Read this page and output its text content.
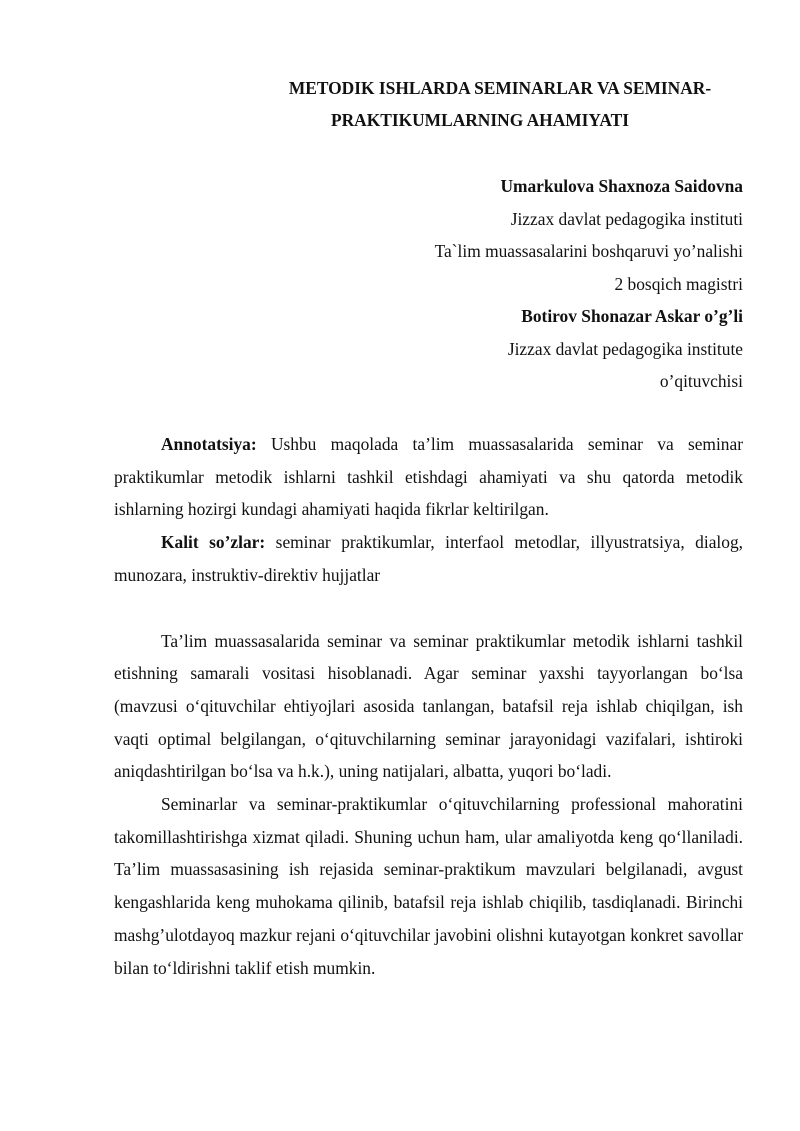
METODIK ISHLARDA SEMINARLAR VA SEMINAR-
PRAKTIKUMLARNING AHAMIYATI
Umarkulova Shaxnoza Saidovna
Jizzax davlat pedagogika instituti
Ta`lim muassasalarini boshqaruvi yo’nalishi
2 bosqich magistri
Botirov Shonazar Askar o’g’li
Jizzax davlat pedagogika institute
o’qituvchisi

Annotatsiya: Ushbu maqolada ta’lim muassasalarida seminar va seminar praktikumlar metodik ishlarni tashkil etishdagi ahamiyati va shu qatorda metodik ishlarning hozirgi kundagi ahamiyati haqida fikrlar keltirilgan.

Kalit so’zlar: seminar praktikumlar, interfaol metodlar, illyustratsiya, dialog, munozara, instruktiv-direktiv hujjatlar

Ta’lim muassasalarida seminar va seminar praktikumlar metodik ishlarni tashkil etishning samarali vositasi hisoblanadi. Agar seminar yaxshi tayyorlangan bo‘lsa (mavzusi o‘qituvchilar ehtiyojlari asosida tanlangan, batafsil reja ishlab chiqilgan, ish vaqti optimal belgilangan, o‘qituvchilarning seminar jarayonidagi vazifalari, ishtiroki aniqdashtirilgan bo‘lsa va h.k.), uning natijalari, albatta, yuqori bo‘ladi.

Seminarlar va seminar-praktikumlar o‘qituvchilarning professional mahoratini takomillashtirishga xizmat qiladi. Shuning uchun ham, ular amaliyotda keng qo‘llaniladi. Ta’lim muassasasining ish rejasida seminar-praktikum mavzulari belgilanadi, avgust kengashlarida keng muhokama qilinib, batafsil reja ishlab chiqilib, tasdiqlanadi. Birinchi mashg’ulotdayoq mazkur rejani o‘qituvchilar javobini olishni kutayotgan konkret savollar bilan to‘ldirishni taklif etish mumkin.
